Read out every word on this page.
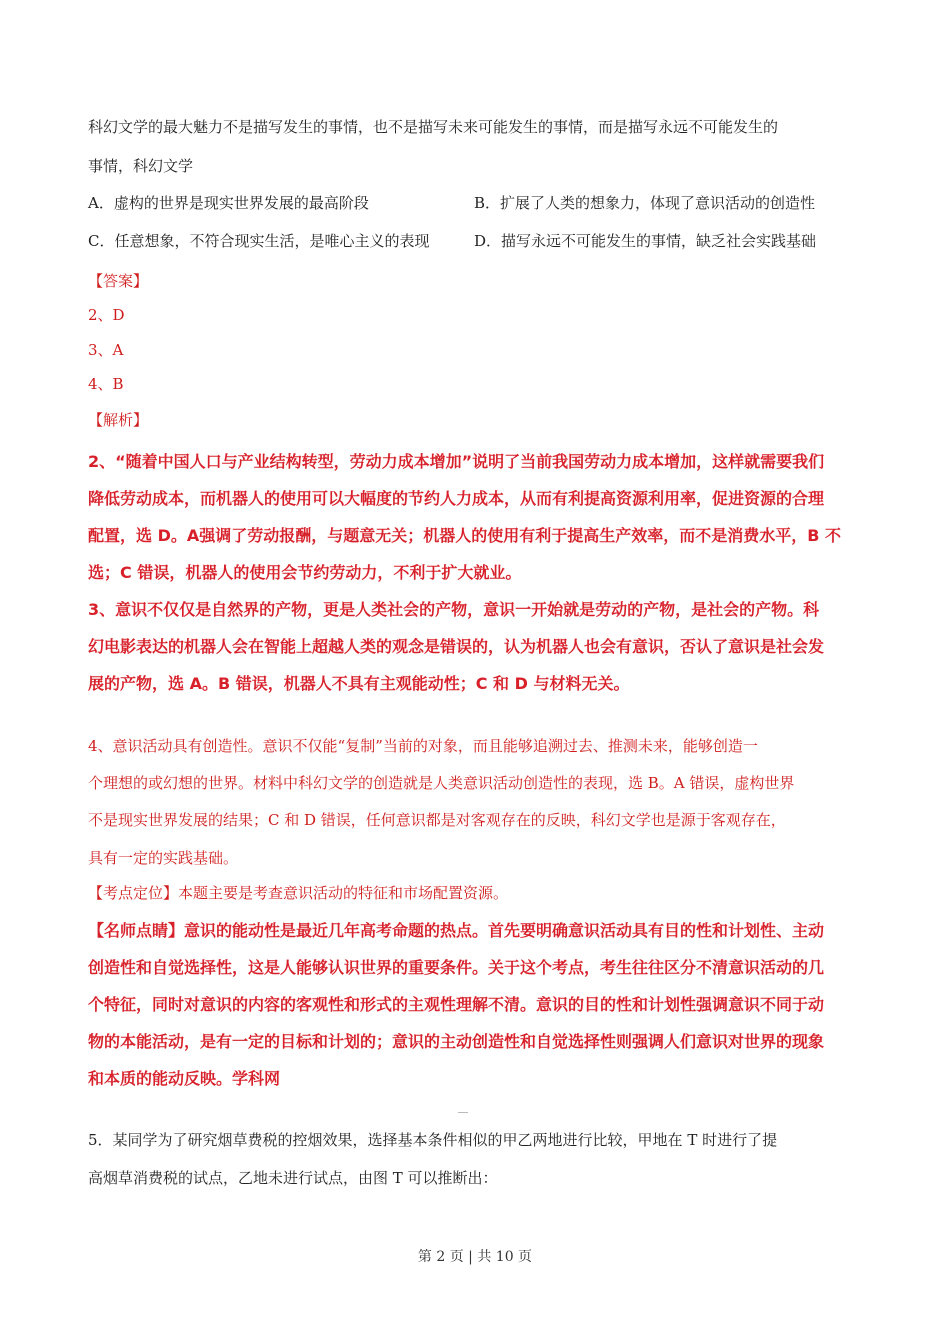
科幻文学的最大魅力不是描写发生的事情，也不是描写未来可能发生的事情，而是描写永远不可能发生的
事情，科幻文学
A．虚构的世界是现实世界发展的最高阶段	B．扩展了人类的想象力，体现了意识活动的创造性
C．任意想象，不符合现实生活，是唯心主义的表现	D．描写永远不可能发生的事情，缺乏社会实践基础
【答案】
2、D
3、A
4、B
【解析】
2、“随着中国人口与产业结构转型，劳动力成本增加”说明了当前我国劳动力成本增加，这样就需要我们
降低劳动成本，而机器人的使用可以大幅度的节约人力成本，从而有利提高资源利用率，促进资源的合理
配置，选 D。A强调了劳动报酬，与题意无关；机器人的使用有利于提高生产效率，而不是消费水平，B 不
选；C 错误，机器人的使用会节约劳动力，不利于扩大就业。
3、意识不仅仅是自然界的产物，更是人类社会的产物，意识一开始就是劳动的产物，是社会的产物。科
幻电影表达的机器人会在智能上超越人类的观念是错误的，认为机器人也会有意识，否认了意识是社会发
展的产物，选 A。B 错误，机器人不具有主观能动性；C 和 D 与材料无关。
4、意识活动具有创造性。意识不仅能“复制”当前的对象，而且能够追溯过去、推测未来，能够创造一
个理想的或幻想的世界。材料中科幻文学的创造就是人类意识活动创造性的表现，选 B。A 错误，虚构世界
不是现实世界发展的结果；C 和 D 错误，任何意识都是对客观存在的反映，科幻文学也是源于客观存在，
具有一定的实践基础。
【考点定位】本题主要是考查意识活动的特征和市场配置资源。
【名师点睛】意识的能动性是最近几年高考命题的热点。首先要明确意识活动具有目的性和计划性、主动
创造性和自觉选择性，这是人能够认识世界的重要条件。关于这个考点，考生往往区分不清意识活动的几
个特征，同时对意识的内容的客观性和形式的主观性理解不清。意识的目的性和计划性强调意识不同于动
物的本能活动，是有一定的目标和计划的；意识的主动创造性和自觉选择性则强调人们意识对世界的现象
和本质的能动反映。学科网
5．某同学为了研究烟草费税的控烟效果，选择基本条件相似的甲乙两地进行比较，甲地在 T 时进行了提
高烟草消费税的试点，乙地未进行试点，由图 T 可以推断出：
第 2 页 | 共 10 页
